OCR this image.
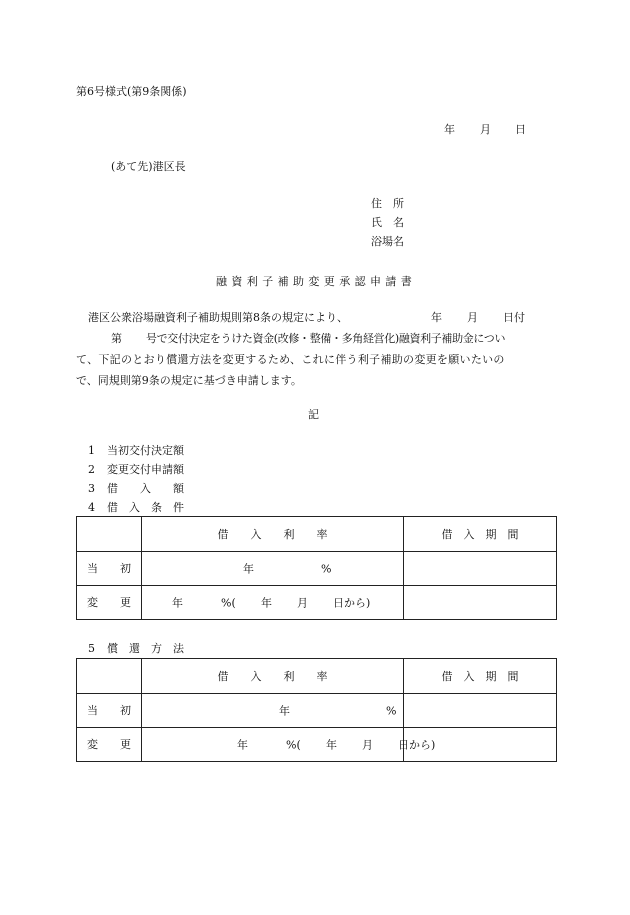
第6号様式(第9条関係)
年 月 日
(あて先)港区長
住　所
氏　名
浴場名
融資利子補助変更承認申請書
港区公衆浴場融資利子補助規則第8条の規定により、	年 月 日付
第 号で交付決定をうけた資金(改修・整備・多角経営化)融資利子補助金につい
て、下記のとおり償還方法を変更するため、これに伴う利子補助の変更を願いたいの
で、同規則第9条の規定に基づき申請します。
記
1 当初交付決定額
2 変更交付申請額
3 借　　入　　額
4 借　入　条　件
	借　　入　　利　　率	借　入　期　間
当　　初	年 %	

変　　更	年 %( 年 月 日から)	

5 償　還　方　法
	借　　入　　利　　率	借　入　期　間
当　　初	年 %	

変　　更	年 %( 年 月 日から)	
